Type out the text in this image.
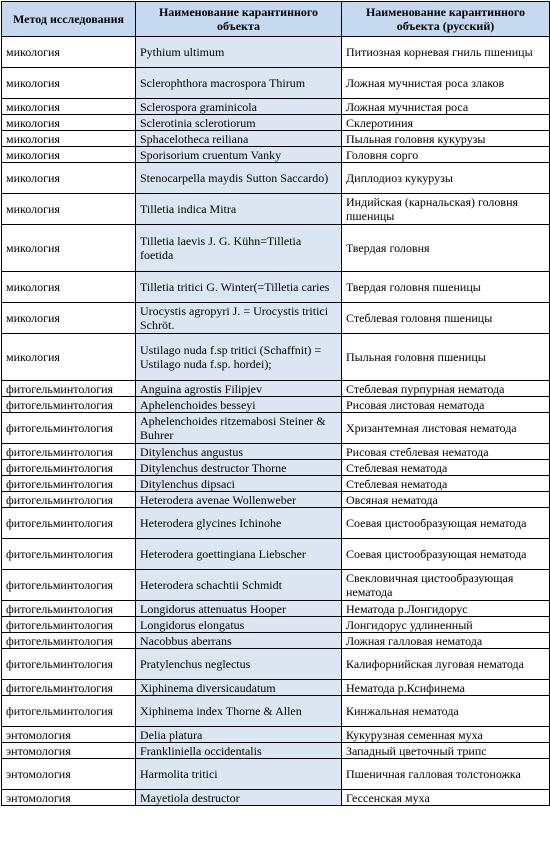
Метод исследования	Наименование карантинного объекта	Наименование карантинного объекта (русский)
микология	Pythium ultimum	Питиозная корневая гниль пшеницы
микология	Sclerophthora macrospora Thirum	Ложная мучнистая роса злаков
микология	Sclerospora graminicola	Ложная мучнистая роса
микология	Sclerotinia sclerotiorum	Склеротиния
микология	Sphacelotheca reiliana	Пыльная головня кукурузы
микология	Sporisorium cruentum Vanky	Головня сорго
микология	Stenocarpella maydis Sutton Saccardo)	Диплодиоз кукурузы
микология	Tilletia indica Mitra	Индийская (карнальская) головня пшеницы
микология	Tilletia laevis J. G. Kühn=Tilletia foetida	Твердая головня
микология	Tilletia tritici G. Winter(=Tilletia caries	Твердая головня пшеницы
микология	Urocystis agropyri J. = Urocystis tritici Schröt.	Стеблевая головня пшеницы
микология	Ustilago nuda f.sp tritici (Schaffnit) = Ustilago nuda f.sp. hordei);	Пыльная головня пшеницы
фитогельминтология	Anguina agrostis Filipjev	Стеблевая пурпурная нематода
фитогельминтология	Aphelenchoides besseyi	Рисовая листовая нематода
фитогельминтология	Aphelenchoides ritzemabosi Steiner & Buhrer	Хризантемная листовая нематода
фитогельминтология	Ditylenchus angustus	Рисовая стеблевая нематода
фитогельминтология	Ditylenchus destructor Thorne	Стеблевая нематода
фитогельминтология	Ditylenchus dipsaci	Стеблевая нематода
фитогельминтология	Heterodera avenae Wollenweber	Овсяная нематода
фитогельминтология	Heterodera glycines Ichinohe	Соевая цистообразующая нематода
фитогельминтология	Heterodera goettingiana Liebscher	Соевая цистообразующая нематода
фитогельминтология	Heterodera schachtii Schmidt	Свекловичная цистообразующая нематода
фитогельминтология	Longidorus attenuatus Hooper	Нематода р.Лонгидорус
фитогельминтология	Longidorus elongatus	Лонгидорус удлиненный
фитогельминтология	Nacobbus aberrans	Ложная галловая нематода
фитогельминтология	Pratylenchus neglectus	Калифорнийская луговая нематода
фитогельминтология	Xiphinema diversicaudatum	Нематода р.Ксифинема
фитогельминтология	Xiphinema index Thorne & Allen	Кинжальная нематода
энтомология	Delia platura	Кукурузная семенная муха
энтомология	Frankliniella occidentalis	Западный цветочный трипс
энтомология	Harmolita tritici	Пшеничная галловая толстоножка
энтомология	Mayetiola destructor	Гессенская муха
